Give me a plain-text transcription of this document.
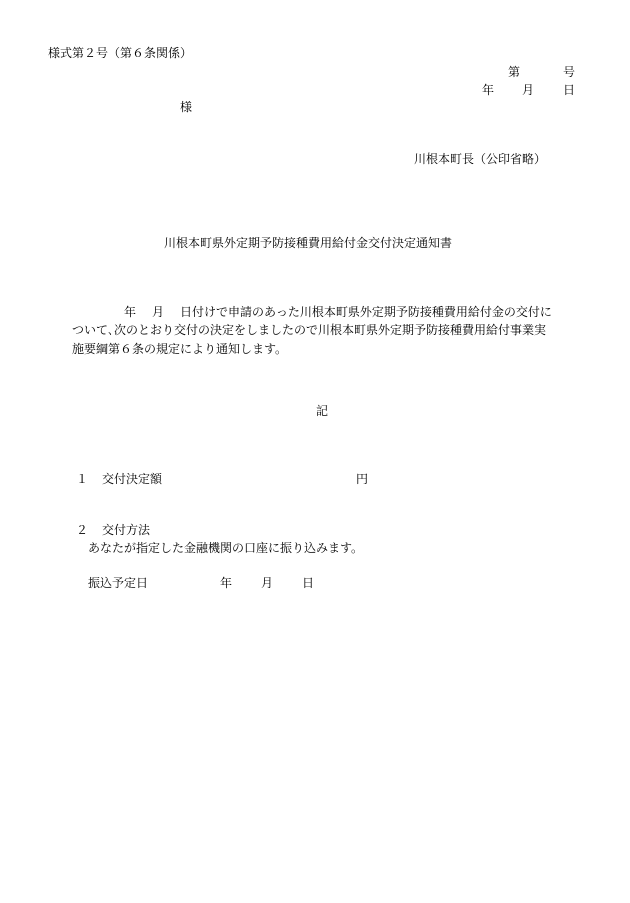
様式第２号（第６条関係）
第	号
年 月 日
様
川根本町長（公印省略）
川根本町県外定期予防接種費用給付金交付決定通知書
年 月 日付けで申請のあった川根本町県外定期予防接種費用給付金の交付に
ついて､次のとおり交付の決定をしましたので川根本町県外定期予防接種費用給付事業実
施要綱第６条の規定により通知します。
記
１ 交付決定額	円
２ 交付方法
あなたが指定した金融機関の口座に振り込みます。
振込予定日	年 月 日
